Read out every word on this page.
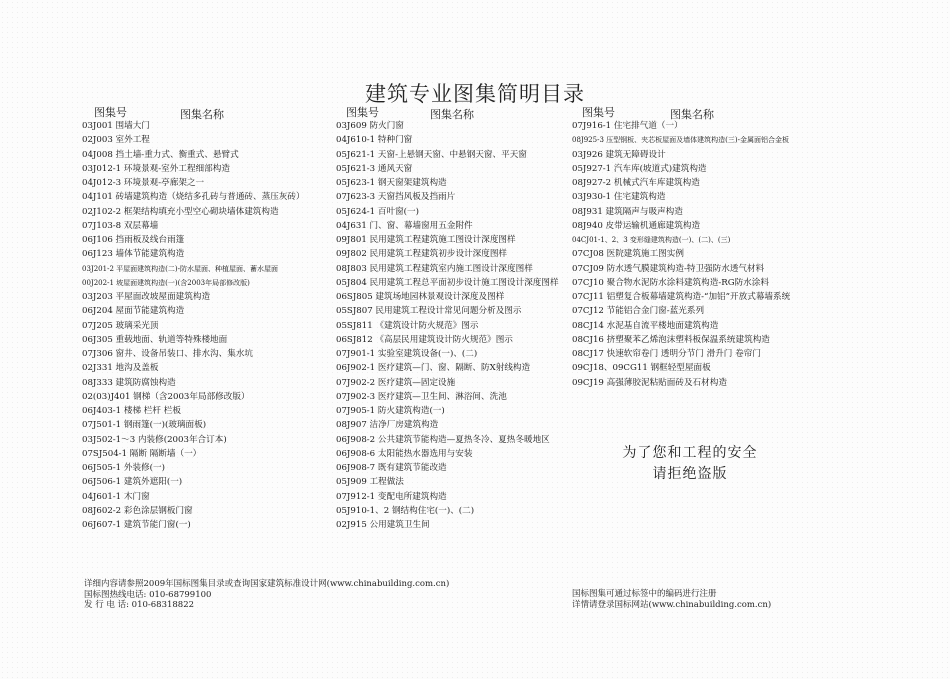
建筑专业图集简明目录
图集号	图集名称
03J001 围墙大门
02J003 室外工程
04J008 挡土墙-重力式、衡重式、悬臂式
03J012-1 环境景观-室外工程细部构造
04J012-3 环境景观-亭廊架之一
04J101 砖墙建筑构造（烧结多孔砖与普通砖、蒸压灰砖）
02J102-2 框架结构填充小型空心砌块墙体建筑构造
07J103-8 双层幕墙
06J106 挡雨板及线台雨篷
06J123 墙体节能建筑构造
03J201-2 平屋面建筑构造(二)-防水屋面、种植屋面、蓄水屋面
00J202-1 坡屋面建筑构造(一)(含2003年局部修改版)
03J203 平屋面改坡屋面建筑构造
06J204 屋面节能建筑构造
07J205 玻璃采光顶
06J305 重载地面、轨道等特殊楼地面
07J306 窗井、设备吊装口、排水沟、集水坑
02J331 地沟及盖板
08J333 建筑防腐蚀构造
02(03)J401 钢梯（含2003年局部修改版）
06J403-1 楼梯 栏杆 栏板
07J501-1 钢雨篷(一)(玻璃面板)
03J502-1～3 内装修(2003年合订本)
07SJ504-1 隔断 隔断墙（一）
06J505-1 外装修(一)
06J506-1 建筑外遮阳(一)
04J601-1 木门窗
08J602-2 彩色涂层钢板门窗
06J607-1 建筑节能门窗(一)
图集号	图集名称
03J609 防火门窗
04J610-1 特种门窗
05J621-1 天窗-上悬钢天窗、中悬钢天窗、平天窗
05J621-3 通风天窗
05J623-1 钢天窗架建筑构造
07J623-3 天窗挡风板及挡雨片
05J624-1 百叶窗(一)
04J631 门、窗、幕墙窗用五金附件
09J801 民用建筑工程建筑施工图设计深度图样
09J802 民用建筑工程建筑初步设计深度图样
08J803 民用建筑工程建筑室内施工图设计深度图样
05J804 民用建筑工程总平面初步设计施工图设计深度图样
06SJ805 建筑场地园林景观设计深度及图样
05SJ807 民用建筑工程设计常见问题分析及图示
05SJ811 《建筑设计防火规范》图示
06SJ812 《高层民用建筑设计防火规范》图示
07J901-1 实验室建筑设备(一)、(二)
06J902-1 医疗建筑—门、窗、隔断、防X射线构造
07J902-2 医疗建筑—固定设施
07J902-3 医疗建筑—卫生间、淋浴间、洗池
07J905-1 防火建筑构造(一)
08J907 洁净厂房建筑构造
06J908-2 公共建筑节能构造—夏热冬冷、夏热冬暖地区
06J908-6 太阳能热水器选用与安装
06J908-7 既有建筑节能改造
05J909 工程做法
07J912-1 变配电所建筑构造
05J910-1、2 钢结构住宅(一)、(二)
02J915 公用建筑卫生间
图集号	图集名称
07J916-1 住宅排气道（一）
08J925-3 压型钢板、夹芯板屋面及墙体建筑构造(三)-金属面铝合金板
03J926 建筑无障碍设计
05J927-1 汽车库(坡道式)建筑构造
08J927-2 机械式汽车库建筑构造
03J930-1 住宅建筑构造
08J931 建筑隔声与吸声构造
08J940 皮带运输机通廊建筑构造
04CJ01-1、2、3 变形缝建筑构造(一)、(二)、(三)
07CJ08 医院建筑施工图实例
07CJ09 防水透气膜建筑构造-特卫强防水透气材料
07CJ10 聚合物水泥防水涂料建筑构造-RG防水涂料
07CJ11 铝塑复合板幕墙建筑构造-“加铝”开放式幕墙系统
07CJ12 节能铝合金门窗-蓝光系列
08CJ14 水泥基自流平楼地面建筑构造
08CJ16 挤塑聚苯乙烯泡沫塑料板保温系统建筑构造
08CJ17 快速软帘卷门 透明分节门 滑升门 卷帘门
09CJ18、09CG11 钢框轻型屋面板
09CJ19 高强薄胶泥粘贴面砖及石材构造
为了您和工程的安全
请拒绝盗版
详细内容请参照2009年国标图集目录或查询国家建筑标准设计网(www.chinabuilding.com.cn)
国标图热线电话: 010-68799100
发 行 电 话: 010-68318822
国标图集可通过标签中的编码进行注册
详情请登录国标网站(www.chinabuilding.com.cn)
